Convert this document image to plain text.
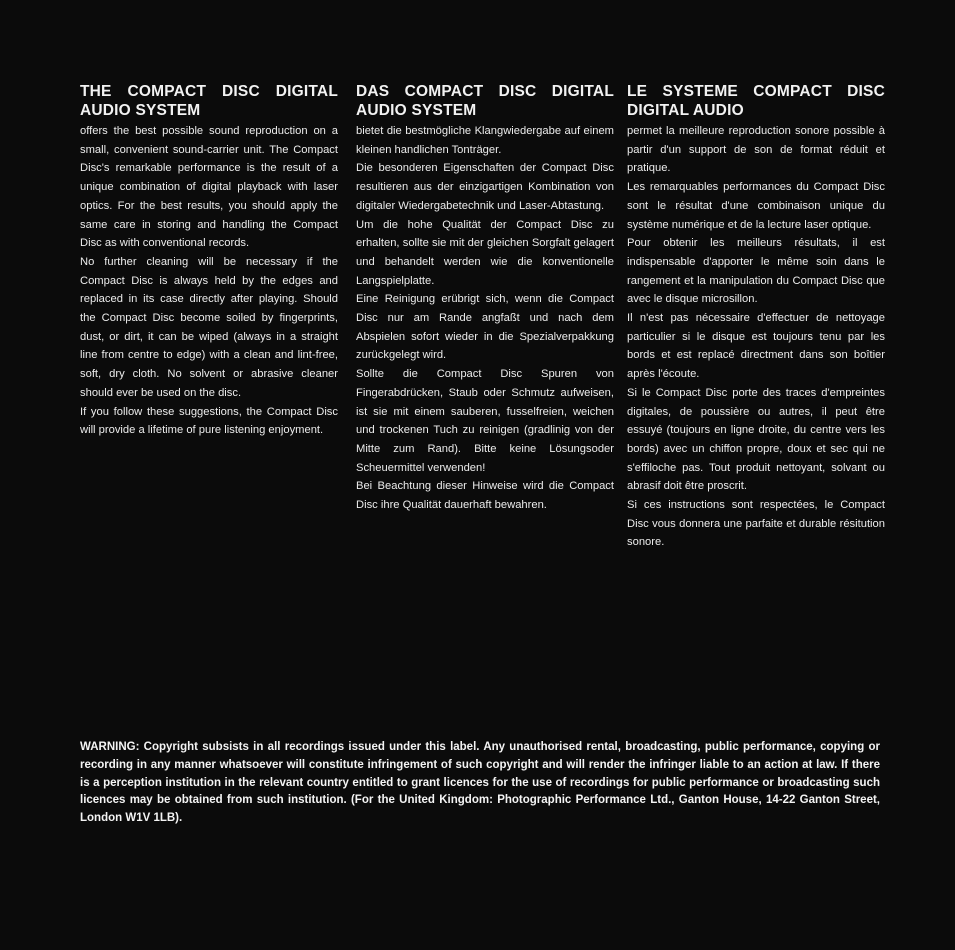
THE COMPACT DISC DIGITAL AUDIO SYSTEM

offers the best possible sound reproduction on a small, convenient sound-carrier unit. The Compact Disc's remarkable performance is the result of a unique combination of digital playback with laser optics. For the best results, you should apply the same care in storing and handling the Compact Disc as with conventional records.

No further cleaning will be necessary if the Compact Disc is always held by the edges and replaced in its case directly after playing. Should the Compact Disc become soiled by fingerprints, dust, or dirt, it can be wiped (always in a straight line from centre to edge) with a clean and lint-free, soft, dry cloth. No solvent or abrasive cleaner should ever be used on the disc.

If you follow these suggestions, the Compact Disc will provide a lifetime of pure listening enjoyment.

DAS COMPACT DISC DIGITAL AUDIO SYSTEM

bietet die bestmögliche Klangwiedergabe auf einem kleinen handlichen Tonträger.

Die besonderen Eigenschaften der Compact Disc resultieren aus der einzigartigen Kombination von digitaler Wiedergabetechnik und Laser-Abtastung.

Um die hohe Qualität der Compact Disc zu erhalten, sollte sie mit der gleichen Sorgfalt gelagert und behandelt werden wie die konventionelle Langspielplatte.

Eine Reinigung erübrigt sich, wenn die Compact Disc nur am Rande angfaßt und nach dem Abspielen sofort wieder in die Spezialverpakkung zurückgelegt wird.

Sollte die Compact Disc Spuren von Fingerabdrücken, Staub oder Schmutz aufweisen, ist sie mit einem sauberen, fusselfreien, weichen und trockenen Tuch zu reinigen (gradlinig von der Mitte zum Rand). Bitte keine Lösungsoder Scheuermittel verwenden!

Bei Beachtung dieser Hinweise wird die Compact Disc ihre Qualität dauerhaft bewahren.

LE SYSTEME COMPACT DISC DIGITAL AUDIO

permet la meilleure reproduction sonore possible à partir d'un support de son de format réduit et pratique.

Les remarquables performances du Compact Disc sont le résultat d'une combinaison unique du système numérique et de la lecture laser optique.

Pour obtenir les meilleurs résultats, il est indispensable d'apporter le même soin dans le rangement et la manipulation du Compact Disc que avec le disque microsillon.

Il n'est pas nécessaire d'effectuer de nettoyage particulier si le disque est toujours tenu par les bords et est replacé directment dans son boîtier après l'écoute.

Si le Compact Disc porte des traces d'empreintes digitales, de poussière ou autres, il peut être essuyé (toujours en ligne droite, du centre vers les bords) avec un chiffon propre, doux et sec qui ne s'effiloche pas. Tout produit nettoyant, solvant ou abrasif doit être proscrit.

Si ces instructions sont respectées, le Compact Disc vous donnera une parfaite et durable résitution sonore.

WARNING: Copyright subsists in all recordings issued under this label. Any unauthorised rental, broadcasting, public performance, copying or recording in any manner whatsoever will constitute infringement of such copyright and will render the infringer liable to an action at law. If there is a perception institution in the relevant country entitled to grant licences for the use of recordings for public performance or broadcasting such licences may be obtained from such institution. (For the United Kingdom: Photographic Performance Ltd., Ganton House, 14-22 Ganton Street, London W1V 1LB).
